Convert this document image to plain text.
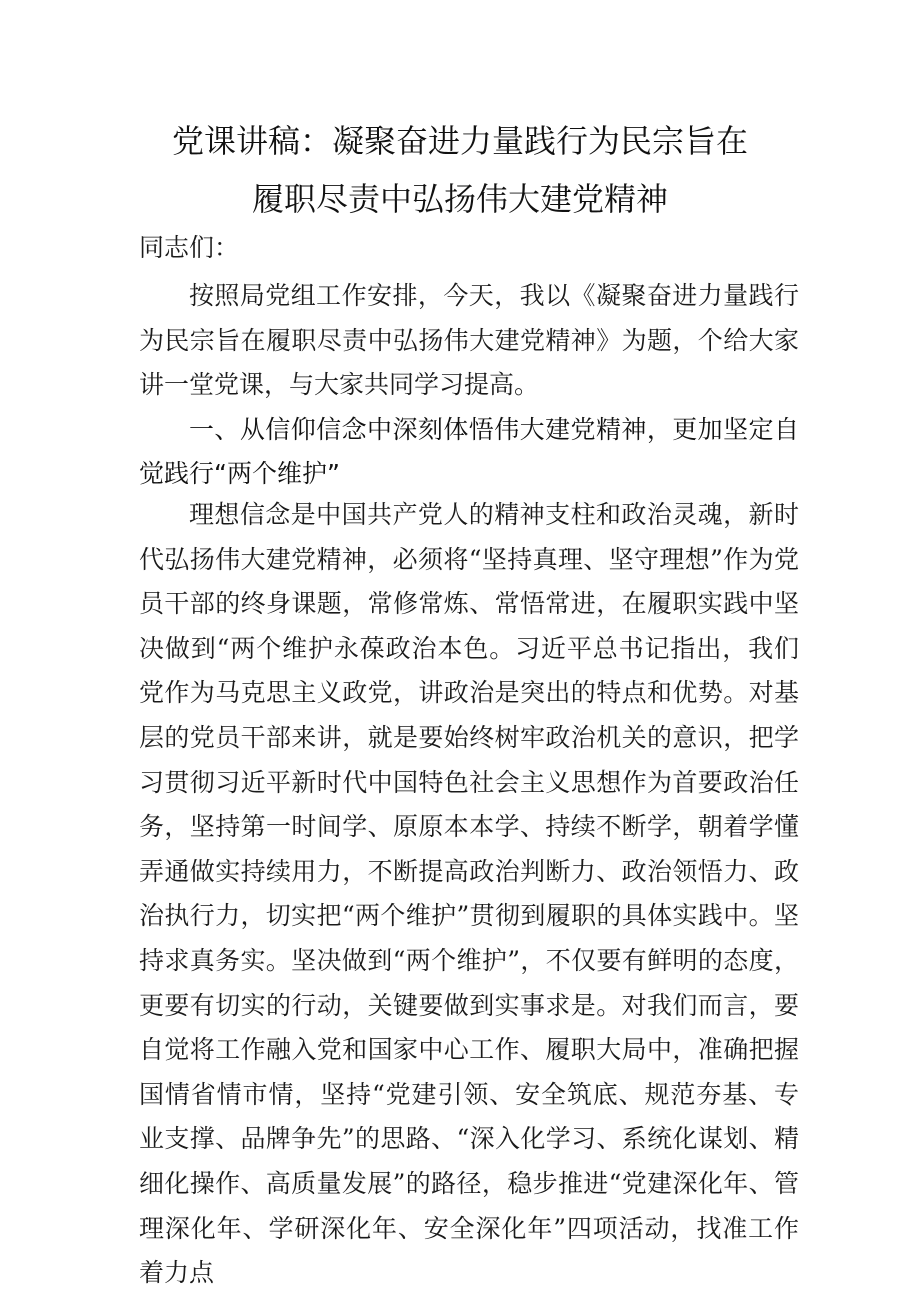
党课讲稿：凝聚奋进力量践行为民宗旨在
履职尽责中弘扬伟大建党精神

同志们：

按照局党组工作安排，今天，我以《凝聚奋进力量践行为民宗旨在履职尽责中弘扬伟大建党精神》为题，个给大家讲一堂党课，与大家共同学习提高。

一、从信仰信念中深刻体悟伟大建党精神，更加坚定自觉践行“两个维护”

理想信念是中国共产党人的精神支柱和政治灵魂，新时代弘扬伟大建党精神，必须将“坚持真理、坚守理想”作为党员干部的终身课题，常修常炼、常悟常进，在履职实践中坚决做到“两个维护永葆政治本色。习近平总书记指出，我们党作为马克思主义政党，讲政治是突出的特点和优势。对基层的党员干部来讲，就是要始终树牢政治机关的意识，把学习贯彻习近平新时代中国特色社会主义思想作为首要政治任务，坚持第一时间学、原原本本学、持续不断学，朝着学懂弄通做实持续用力，不断提高政治判断力、政治领悟力、政治执行力，切实把“两个维护”贯彻到履职的具体实践中。坚持求真务实。坚决做到“两个维护”，不仅要有鲜明的态度，更要有切实的行动，关键要做到实事求是。对我们而言，要自觉将工作融入党和国家中心工作、履职大局中，准确把握国情省情市情，坚持“党建引领、安全筑底、规范夯基、专业支撑、品牌争先”的思路、“深入化学习、系统化谋划、精细化操作、高质量发展”的路径，稳步推进“党建深化年、管理深化年、学研深化年、安全深化年”四项活动，找准工作着力点
